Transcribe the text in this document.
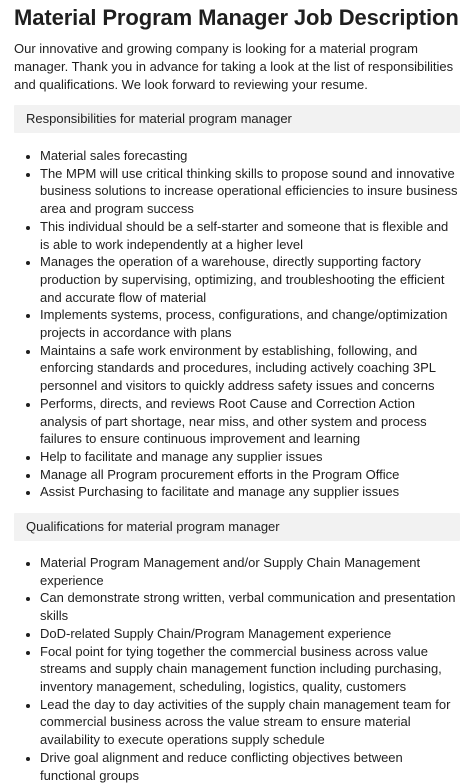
Material Program Manager Job Description

Our innovative and growing company is looking for a material program manager. Thank you in advance for taking a look at the list of responsibilities and qualifications. We look forward to reviewing your resume.

Responsibilities for material program manager
• Material sales forecasting
• The MPM will use critical thinking skills to propose sound and innovative business solutions to increase operational efficiencies to insure business area and program success
• This individual should be a self-starter and someone that is flexible and is able to work independently at a higher level
• Manages the operation of a warehouse, directly supporting factory production by supervising, optimizing, and troubleshooting the efficient and accurate flow of material
• Implements systems, process, configurations, and change/optimization projects in accordance with plans
• Maintains a safe work environment by establishing, following, and enforcing standards and procedures, including actively coaching 3PL personnel and visitors to quickly address safety issues and concerns
• Performs, directs, and reviews Root Cause and Correction Action analysis of part shortage, near miss, and other system and process failures to ensure continuous improvement and learning
• Help to facilitate and manage any supplier issues
• Manage all Program procurement efforts in the Program Office
• Assist Purchasing to facilitate and manage any supplier issues
Qualifications for material program manager
• Material Program Management and/or Supply Chain Management experience
• Can demonstrate strong written, verbal communication and presentation skills
• DoD-related Supply Chain/Program Management experience
• Focal point for tying together the commercial business across value streams and supply chain management function including purchasing, inventory management, scheduling, logistics, quality, customers
• Lead the day to day activities of the supply chain management team for commercial business across the value stream to ensure material availability to execute operations supply schedule
• Drive goal alignment and reduce conflicting objectives between functional groups
